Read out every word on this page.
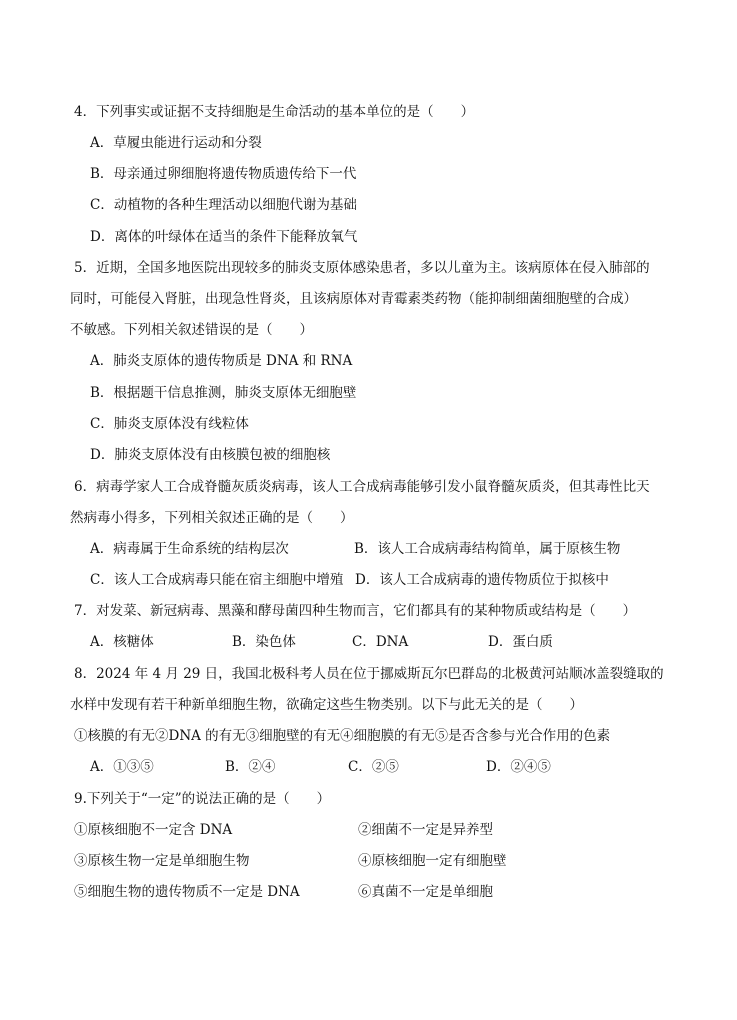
4．下列事实或证据不支持细胞是生命活动的基本单位的是（　　）
A．草履虫能进行运动和分裂
B．母亲通过卵细胞将遗传物质遗传给下一代
C．动植物的各种生理活动以细胞代谢为基础
D．离体的叶绿体在适当的条件下能释放氧气
5．近期，全国多地医院出现较多的肺炎支原体感染患者，多以儿童为主。该病原体在侵入肺部的
同时，可能侵入肾脏，出现急性肾炎，且该病原体对青霉素类药物（能抑制细菌细胞壁的合成）
不敏感。下列相关叙述错误的是（　　）
A．肺炎支原体的遗传物质是 DNA 和 RNA
B．根据题干信息推测，肺炎支原体无细胞壁
C．肺炎支原体没有线粒体
D．肺炎支原体没有由核膜包被的细胞核
6．病毒学家人工合成脊髓灰质炎病毒，该人工合成病毒能够引发小鼠脊髓灰质炎，但其毒性比天
然病毒小得多，下列相关叙述正确的是（　　）
A．病毒属于生命系统的结构层次	B．该人工合成病毒结构简单，属于原核生物
C．该人工合成病毒只能在宿主细胞中增殖 D．该人工合成病毒的遗传物质位于拟核中
7．对发菜、新冠病毒、黑藻和酵母菌四种生物而言，它们都具有的某种物质或结构是（　　）
A．核糖体	B．染色体	C．DNA	D．蛋白质
8．2024 年 4 月 29 日，我国北极科考人员在位于挪威斯瓦尔巴群岛的北极黄河站顺冰盖裂缝取的
水样中发现有若干种新单细胞生物，欲确定这些生物类别。以下与此无关的是（　　）
①核膜的有无②DNA 的有无③细胞壁的有无④细胞膜的有无⑤是否含参与光合作用的色素
A．①③⑤	B．②④	C．②⑤	D．②④⑤
9.下列关于“一定”的说法正确的是（　　）
①原核细胞不一定含 DNA	②细菌不一定是异养型
③原核生物一定是单细胞生物	④原核细胞一定有细胞壁
⑤细胞生物的遗传物质不一定是 DNA	⑥真菌不一定是单细胞
